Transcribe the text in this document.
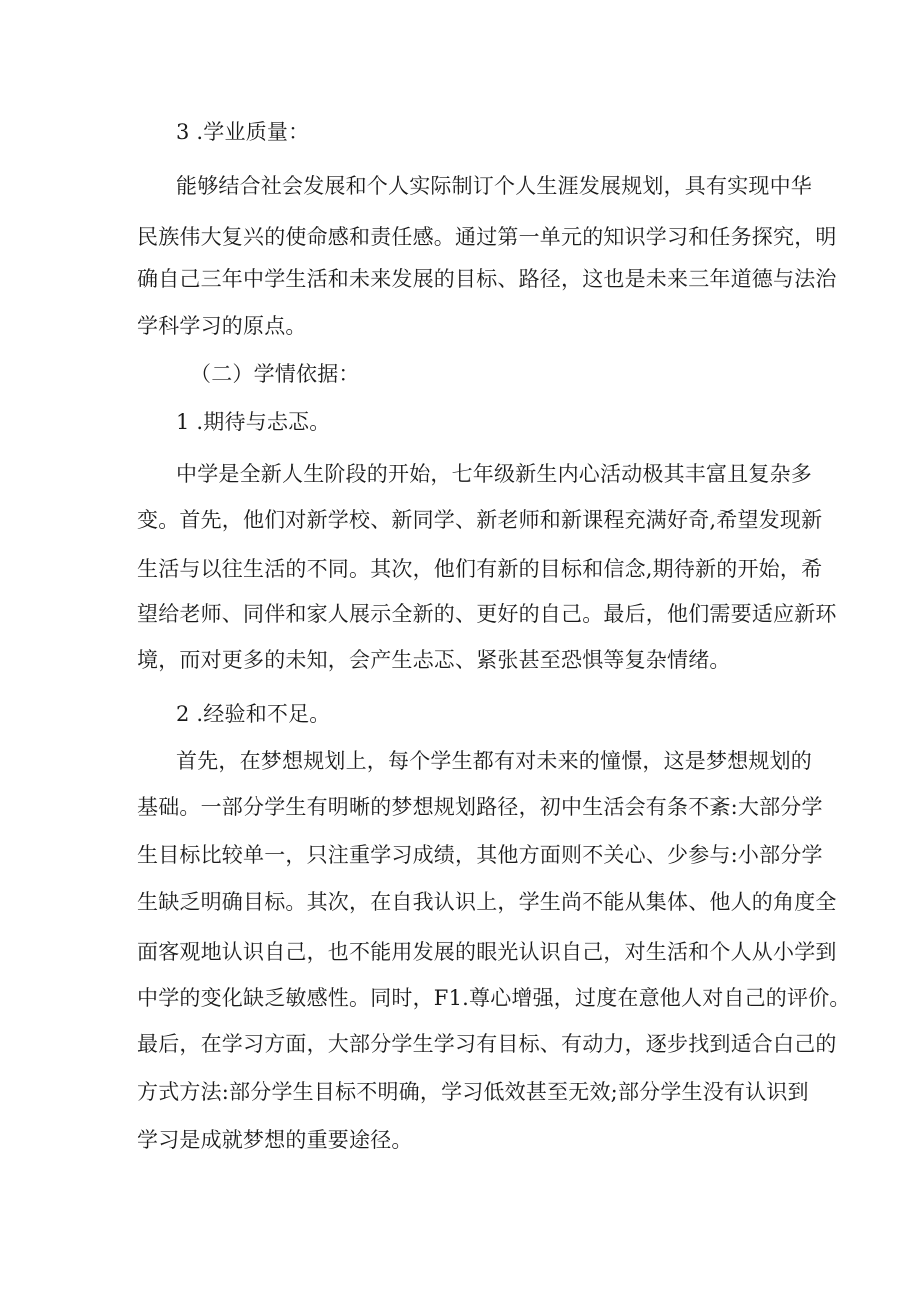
3 .学业质量：

能够结合社会发展和个人实际制订个人生涯发展规划，具有实现中华

民族伟大复兴的使命感和责任感。通过第一单元的知识学习和任务探究，明

确自己三年中学生活和未来发展的目标、路径，这也是未来三年道德与法治

学科学习的原点。

（二）学情依据：

1 .期待与忐忑。

中学是全新人生阶段的开始，七年级新生内心活动极其丰富且复杂多

变。首先，他们对新学校、新同学、新老师和新课程充满好奇,希望发现新

生活与以往生活的不同。其次，他们有新的目标和信念,期待新的开始，希

望给老师、同伴和家人展示全新的、更好的自己。最后，他们需要适应新环

境，而对更多的未知，会产生忐忑、紧张甚至恐惧等复杂情绪。

2 .经验和不足。

首先，在梦想规划上，每个学生都有对未来的憧憬，这是梦想规划的

基础。一部分学生有明晰的梦想规划路径，初中生活会有条不紊:大部分学

生目标比较单一，只注重学习成绩，其他方面则不关心、少参与:小部分学

生缺乏明确目标。其次，在自我认识上，学生尚不能从集体、他人的角度全

面客观地认识自己，也不能用发展的眼光认识自己，对生活和个人从小学到

中学的变化缺乏敏感性。同时，F1.尊心增强，过度在意他人对自己的评价。

最后，在学习方面，大部分学生学习有目标、有动力，逐步找到适合白己的

方式方法:部分学生目标不明确，学习低效甚至无效;部分学生没有认识到

学习是成就梦想的重要途径。
